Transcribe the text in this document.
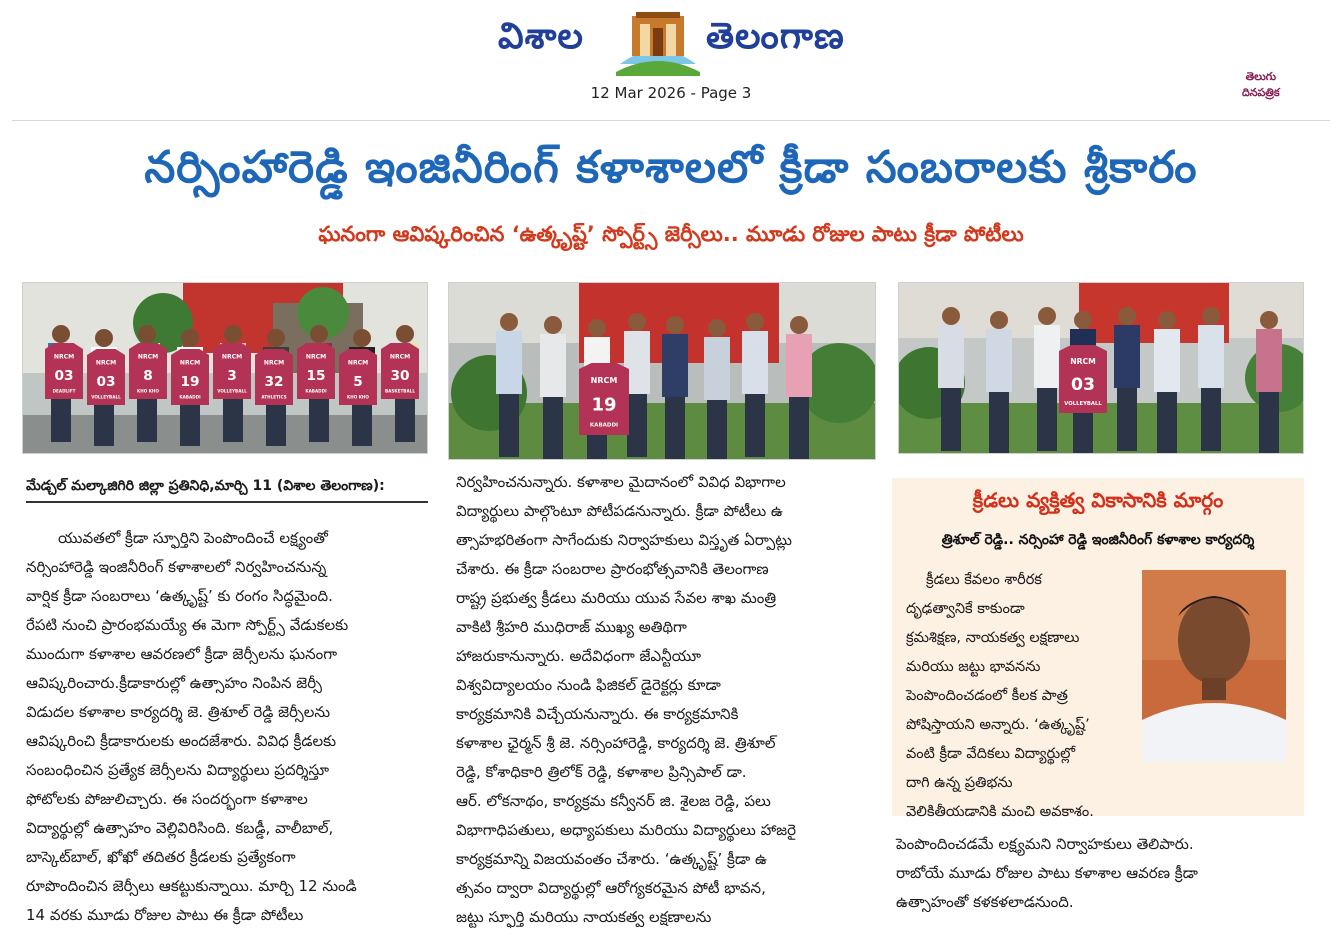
విశాల	తెలంగాణ
తెలుగు దినపత్రిక
12 Mar 2026 - Page 3
నర్సింహారెడ్డి ఇంజినీరింగ్ కళాశాలలో క్రీడా సంబరాలకు శ్రీకారం
ఘనంగా ఆవిష్కరించిన ‘ఉత్కృష్ట్’ స్పోర్ట్స్ జెర్సీలు.. మూడు రోజుల పాటు క్రీడా పోటీలు
NRCM
03
DEADLIFT
NRCM
03
VOLLEYBALL
NRCM
8
KHO KHO
NRCM
19
KABADDI
NRCM
3
VOLLEYBALL
NRCM
32
ATHLETICS
NRCM
15
KABADDI
NRCM
5
KHO KHO
NRCM
30
BASKETBALL
NRCM
19
KABADDI
NRCM
03
VOLLEYBALL
మేడ్చల్ మల్కాజిగిరి జిల్లా ప్రతినిధి,మార్చి 11 (విశాల తెలంగాణ):
యువతలో క్రీడా స్ఫూర్తిని పెంపొందించే లక్ష్యంతో
నర్సింహారెడ్డి ఇంజినీరింగ్ కళాశాలలో నిర్వహించనున్న
వార్షిక క్రీడా సంబరాలు ‘ఉత్కృష్ట్’ కు రంగం సిద్ధమైంది.
రేపటి నుంచి ప్రారంభమయ్యే ఈ మెగా స్పోర్ట్స్ వేడుకలకు
ముందుగా కళాశాల ఆవరణలో క్రీడా జెర్సీలను ఘనంగా
ఆవిష్కరించారు.క్రీడాకారుల్లో ఉత్సాహం నింపిన జెర్సీ
విడుదల కళాశాల కార్యదర్శి జె. త్రిశూల్ రెడ్డి జెర్సీలను
ఆవిష్కరించి క్రీడాకారులకు అందజేశారు. వివిధ క్రీడలకు
సంబంధించిన ప్రత్యేక జెర్సీలను విద్యార్థులు ప్రదర్శిస్తూ
ఫోటోలకు పోజులిచ్చారు. ఈ సందర్భంగా కళాశాల
విద్యార్థుల్లో ఉత్సాహం వెల్లివిరిసింది. కబడ్డీ, వాలీబాల్,
బాస్కెట్‌బాల్, ఖోఖో తదితర క్రీడలకు ప్రత్యేకంగా
రూపొందించిన జెర్సీలు ఆకట్టుకున్నాయి. మార్చి 12 నుండి
14 వరకు మూడు రోజుల పాటు ఈ క్రీడా పోటీలు
నిర్వహించనున్నారు. కళాశాల మైదానంలో వివిధ విభాగాల
విద్యార్థులు పాల్గొంటూ పోటీపడనున్నారు. క్రీడా పోటీలు ఉ
త్సాహభరితంగా సాగేందుకు నిర్వాహకులు విస్తృత ఏర్పాట్లు
చేశారు. ఈ క్రీడా సంబరాల ప్రారంభోత్సవానికి తెలంగాణ
రాష్ట్ర ప్రభుత్వ క్రీడలు మరియు యువ సేవల శాఖ మంత్రి
వాకిటి శ్రీహరి ముధిరాజ్ ముఖ్య అతిథిగా
హాజరుకానున్నారు. అదేవిధంగా జేఎన్టీయూ
విశ్వవిద్యాలయం నుండి ఫిజికల్ డైరెక్టర్లు కూడా
కార్యక్రమానికి విచ్చేయనున్నారు. ఈ కార్యక్రమానికి
కళాశాల ఛైర్మన్ శ్రీ జె. నర్సింహారెడ్డి, కార్యదర్శి జె. త్రిశూల్
రెడ్డి, కోశాధికారి త్రిలోక్ రెడ్డి, కళాశాల ప్రిన్సిపాల్ డా.
ఆర్. లోకనాథం, కార్యక్రమ కన్వీనర్ జి. శైలజ రెడ్డి, పలు
విభాగాధిపతులు, అధ్యాపకులు మరియు విద్యార్థులు హాజరై
కార్యక్రమాన్ని విజయవంతం చేశారు. ‘ఉత్కృష్ట్’ క్రీడా ఉ
త్సవం ద్వారా విద్యార్థుల్లో ఆరోగ్యకరమైన పోటీ భావన,
జట్టు స్ఫూర్తి మరియు నాయకత్వ లక్షణాలను
క్రీడలు వ్యక్తిత్వ వికాసానికి మార్గం
త్రిశూల్ రెడ్డి.. నర్సింహా రెడ్డి ఇంజినీరింగ్ కళాశాల కార్యదర్శి
క్రీడలు కేవలం శారీరక
దృఢత్వానికే కాకుండా
క్రమశిక్షణ, నాయకత్వ లక్షణాలు
మరియు జట్టు భావనను
పెంపొందించడంలో కీలక పాత్ర
పోషిస్తాయని అన్నారు. ‘ఉత్కృష్ట్’
వంటి క్రీడా వేదికలు విద్యార్థుల్లో
దాగి ఉన్న ప్రతిభను
వెలికితీయడానికి మంచి అవకాశం.
పెంపొందించడమే లక్ష్యమని నిర్వాహకులు తెలిపారు.
రాబోయే మూడు రోజుల పాటు కళాశాల ఆవరణ క్రీడా
ఉత్సాహంతో కళకళలాడనుంది.
